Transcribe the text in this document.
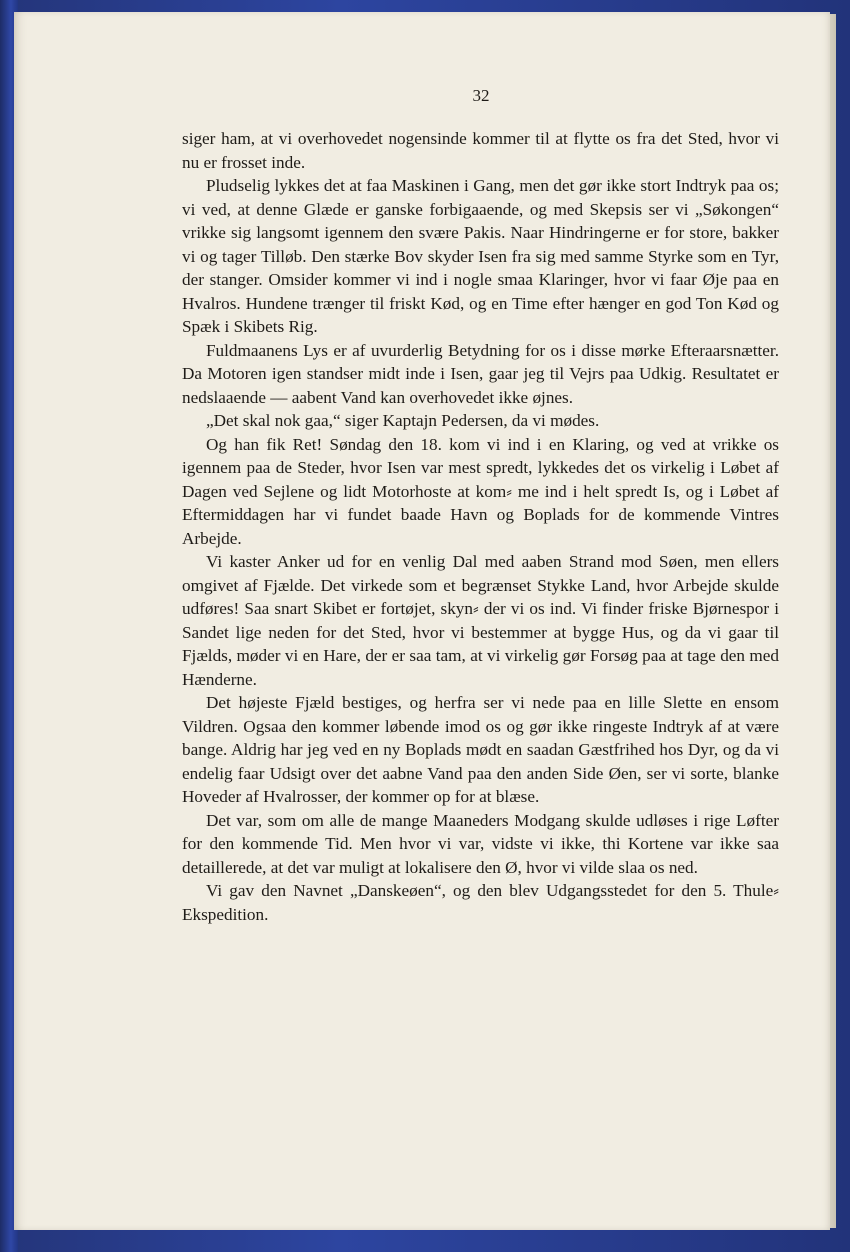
32

siger ham, at vi overhovedet nogensinde kommer til at flytte os fra det Sted, hvor vi nu er frosset inde.

Pludselig lykkes det at faa Maskinen i Gang, men det gør ikke stort Indtryk paa os; vi ved, at denne Glæde er ganske forbigaaende, og med Skepsis ser vi „Søkongen“ vrikke sig langsomt igennem den svære Pakis. Naar Hindringerne er for store, bakker vi og tager Tilløb. Den stærke Bov skyder Isen fra sig med samme Styrke som en Tyr, der stanger. Omsider kommer vi ind i nogle smaa Klaringer, hvor vi faar Øje paa en Hvalros. Hundene trænger til friskt Kød, og en Time efter hænger en god Ton Kød og Spæk i Skibets Rig.

Fuldmaanens Lys er af uvurderlig Betydning for os i disse mørke Efteraarsnætter. Da Motoren igen standser midt inde i Isen, gaar jeg til Vejrs paa Udkig. Resultatet er nedslaaende — aabent Vand kan overhovedet ikke øjnes.

„Det skal nok gaa,“ siger Kaptajn Pedersen, da vi mødes.

Og han fik Ret! Søndag den 18. kom vi ind i en Klaring, og ved at vrikke os igennem paa de Steder, hvor Isen var mest spredt, lykkedes det os virkelig i Løbet af Dagen ved Sejlene og lidt Motorhoste at kom⸗ me ind i helt spredt Is, og i Løbet af Eftermiddagen har vi fundet baade Havn og Boplads for de kommende Vintres Arbejde.

Vi kaster Anker ud for en venlig Dal med aaben Strand mod Søen, men ellers omgivet af Fjælde. Det virkede som et begrænset Stykke Land, hvor Arbejde skulde udføres! Saa snart Skibet er fortøjet, skyn⸗ der vi os ind. Vi finder friske Bjørnespor i Sandet lige neden for det Sted, hvor vi bestemmer at bygge Hus, og da vi gaar til Fjælds, møder vi en Hare, der er saa tam, at vi virkelig gør Forsøg paa at tage den med Hænderne.

Det højeste Fjæld bestiges, og herfra ser vi nede paa en lille Slette en ensom Vildren. Ogsaa den kommer løbende imod os og gør ikke ringeste Indtryk af at være bange. Aldrig har jeg ved en ny Boplads mødt en saadan Gæstfrihed hos Dyr, og da vi endelig faar Udsigt over det aabne Vand paa den anden Side Øen, ser vi sorte, blanke Hoveder af Hvalrosser, der kommer op for at blæse.

Det var, som om alle de mange Maaneders Modgang skulde udløses i rige Løfter for den kommende Tid. Men hvor vi var, vidste vi ikke, thi Kortene var ikke saa detaillerede, at det var muligt at lokalisere den Ø, hvor vi vilde slaa os ned.

Vi gav den Navnet „Danskeøen“, og den blev Udgangsstedet for den 5. Thule⸗Ekspedition.
